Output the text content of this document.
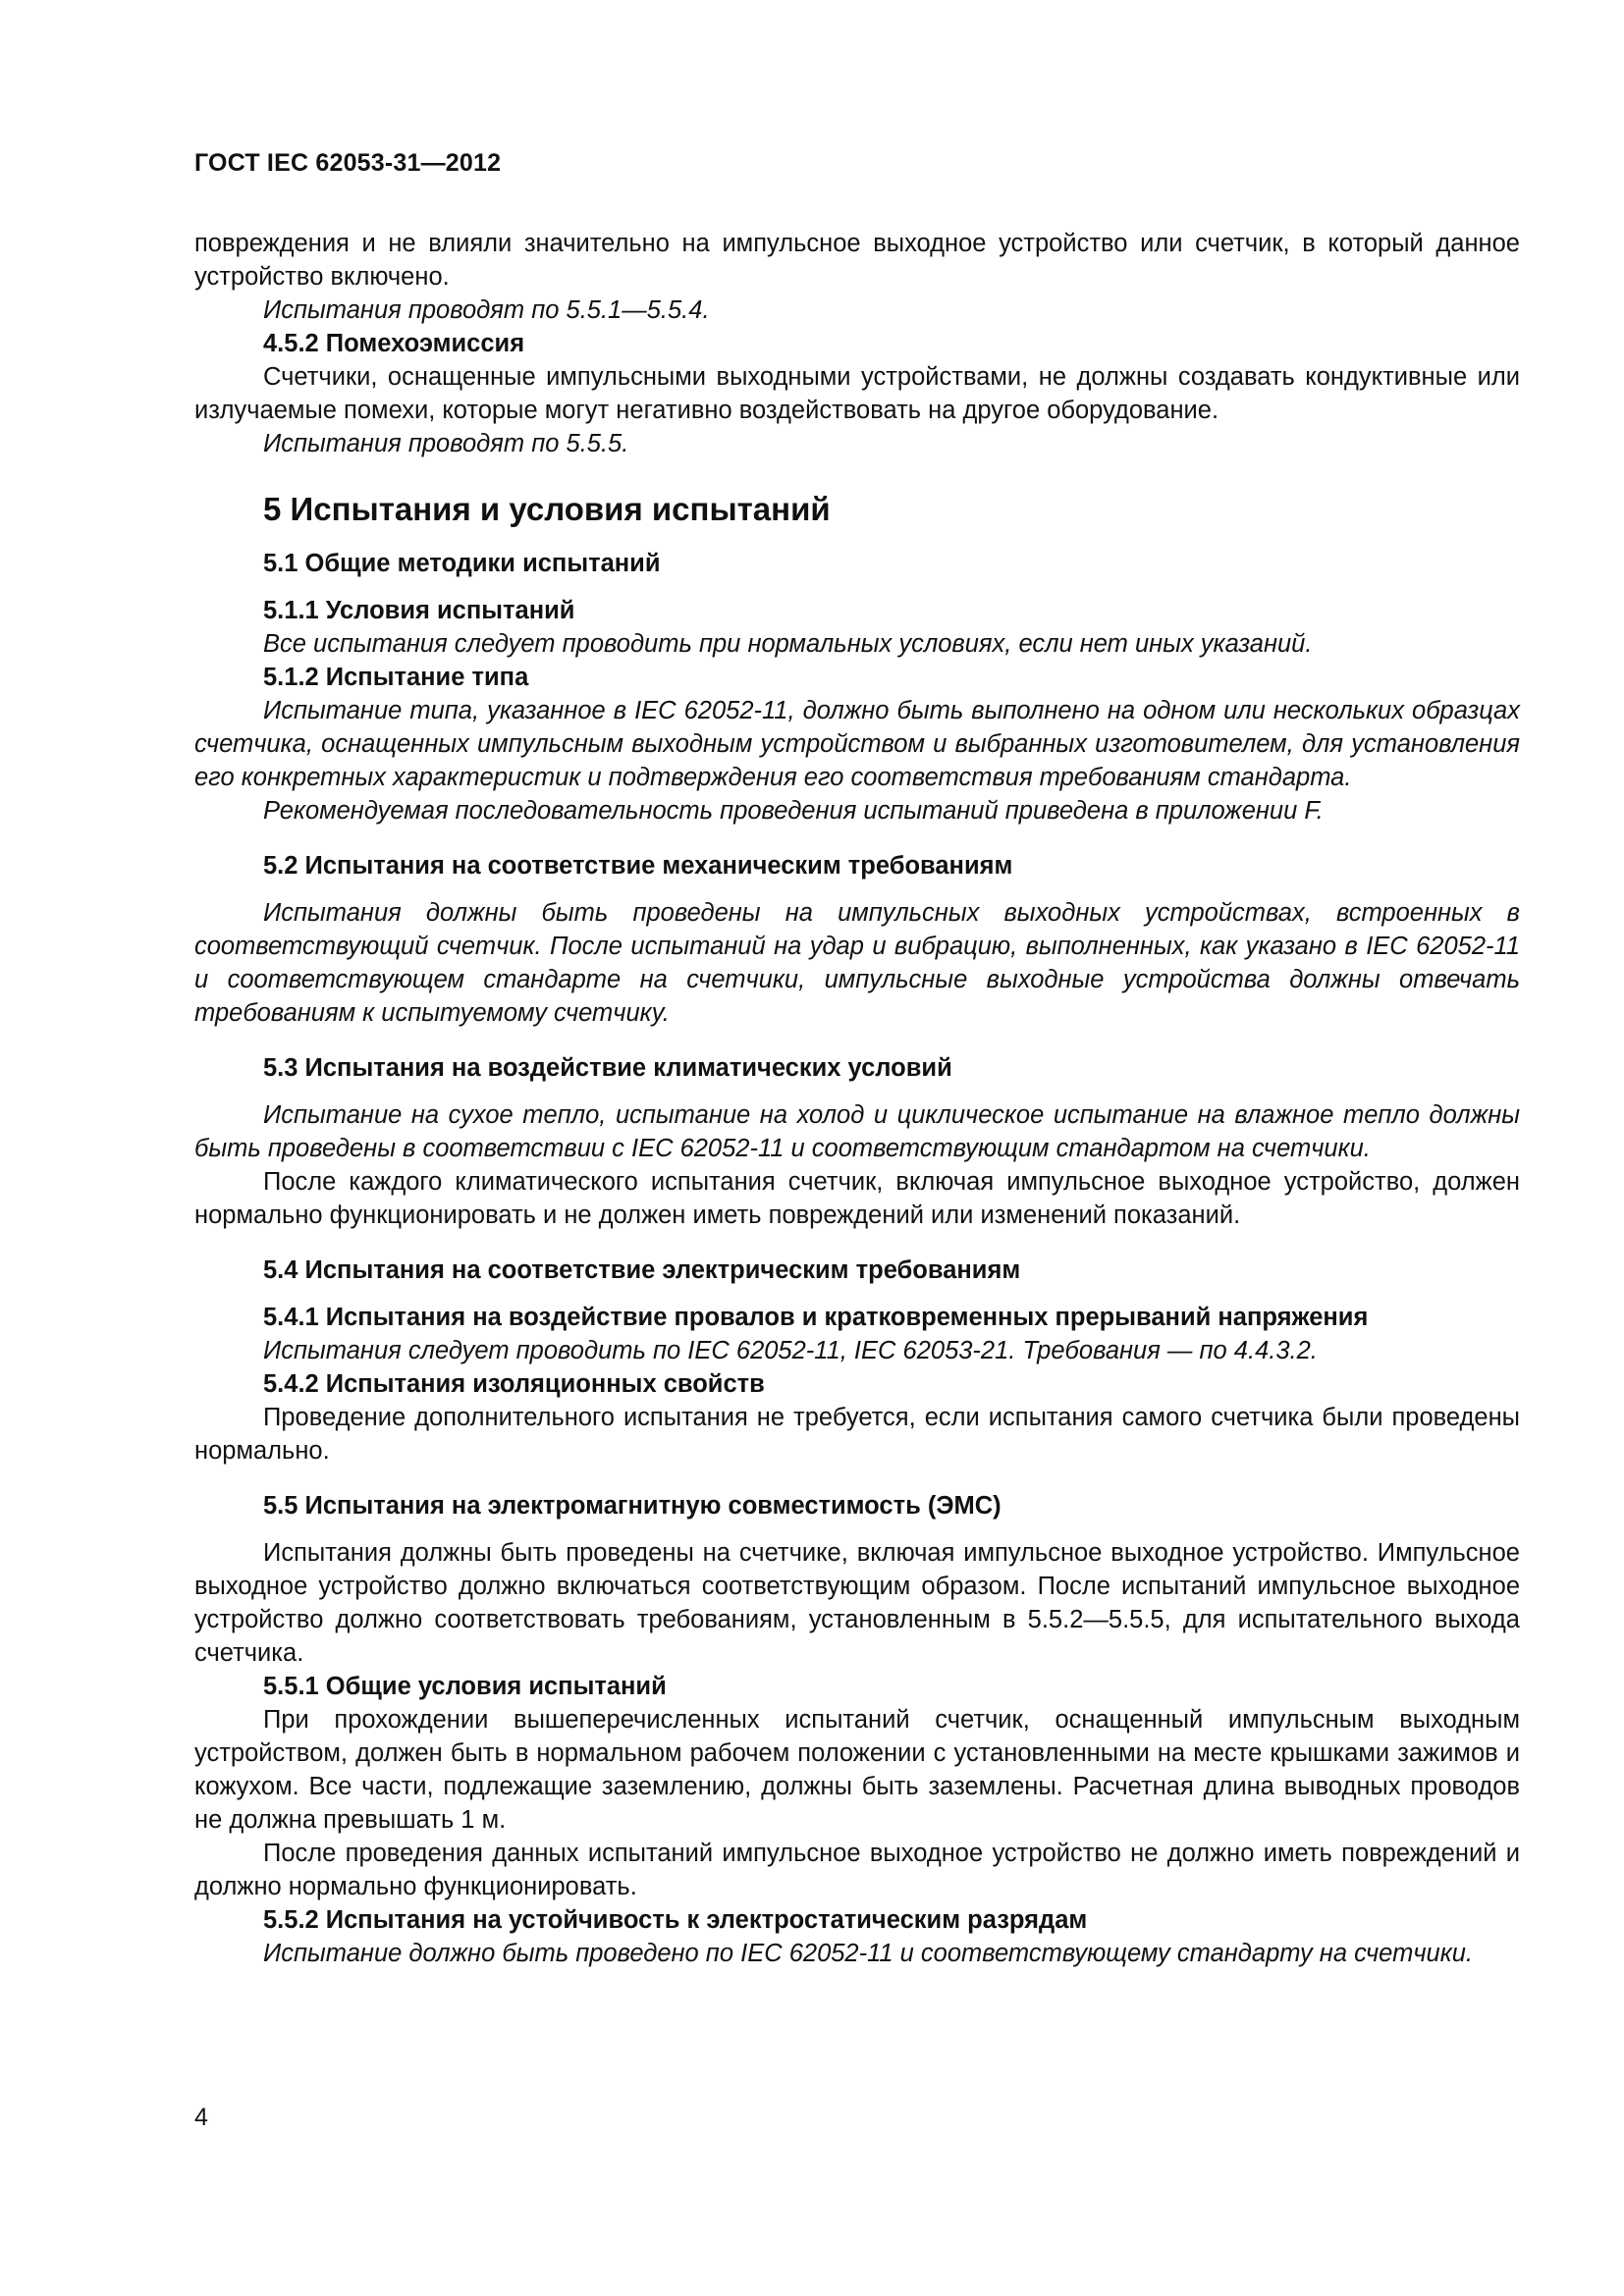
ГОСТ IEC 62053-31—2012

повреждения и не влияли значительно на импульсное выходное устройство или счетчик, в который данное устройство включено.

Испытания проводят по 5.5.1—5.5.4.

4.5.2 Помехоэмиссия

Счетчики, оснащенные импульсными выходными устройствами, не должны создавать кондуктивные или излучаемые помехи, которые могут негативно воздействовать на другое оборудование.

Испытания проводят по 5.5.5.

5 Испытания и условия испытаний

5.1 Общие методики испытаний

5.1.1 Условия испытаний

Все испытания следует проводить при нормальных условиях, если нет иных указаний.

5.1.2 Испытание типа

Испытание типа, указанное в IEC 62052-11, должно быть выполнено на одном или нескольких образцах счетчика, оснащенных импульсным выходным устройством и выбранных изготовителем, для установления его конкретных характеристик и подтверждения его соответствия требованиям стандарта.

Рекомендуемая последовательность проведения испытаний приведена в приложении F.

5.2 Испытания на соответствие механическим требованиям

Испытания должны быть проведены на импульсных выходных устройствах, встроенных в соответствующий счетчик. После испытаний на удар и вибрацию, выполненных, как указано в IEC 62052-11 и соответствующем стандарте на счетчики, импульсные выходные устройства должны отвечать требованиям к испытуемому счетчику.

5.3 Испытания на воздействие климатических условий

Испытание на сухое тепло, испытание на холод и циклическое испытание на влажное тепло должны быть проведены в соответствии с IEC 62052-11 и соответствующим стандартом на счетчики.

После каждого климатического испытания счетчик, включая импульсное выходное устройство, должен нормально функционировать и не должен иметь повреждений или изменений показаний.

5.4 Испытания на соответствие электрическим требованиям

5.4.1 Испытания на воздействие провалов и кратковременных прерываний напряжения

Испытания следует проводить по IEC 62052-11, IEC 62053-21. Требования — по 4.4.3.2.

5.4.2 Испытания изоляционных свойств

Проведение дополнительного испытания не требуется, если испытания самого счетчика были проведены нормально.

5.5 Испытания на электромагнитную совместимость (ЭМС)

Испытания должны быть проведены на счетчике, включая импульсное выходное устройство. Импульсное выходное устройство должно включаться соответствующим образом. После испытаний импульсное выходное устройство должно соответствовать требованиям, установленным в 5.5.2—5.5.5, для испытательного выхода счетчика.

5.5.1 Общие условия испытаний

При прохождении вышеперечисленных испытаний счетчик, оснащенный импульсным выходным устройством, должен быть в нормальном рабочем положении с установленными на месте крышками зажимов и кожухом. Все части, подлежащие заземлению, должны быть заземлены. Расчетная длина выводных проводов не должна превышать 1 м.

После проведения данных испытаний импульсное выходное устройство не должно иметь повреждений и должно нормально функционировать.

5.5.2 Испытания на устойчивость к электростатическим разрядам

Испытание должно быть проведено по IEC 62052-11 и соответствующему стандарту на счетчики.

4
